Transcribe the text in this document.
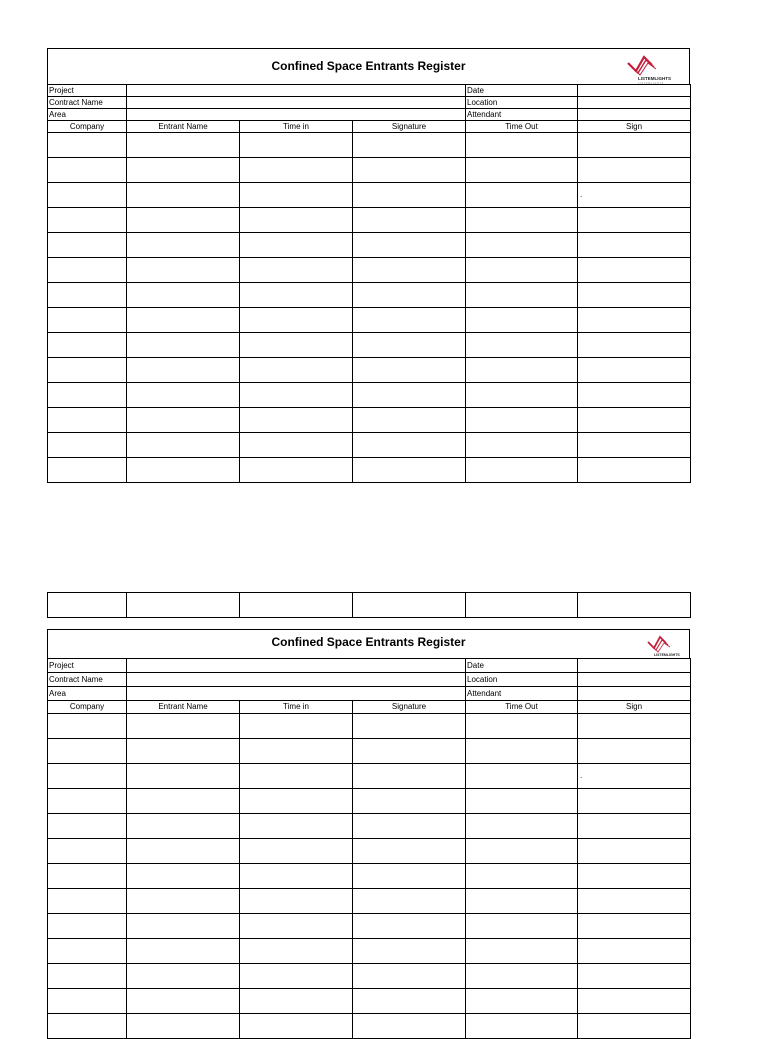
Confined Space Entrants Register
LISTEMLIGHTS
L I S T E M L I G H T S
Project				Date	
Contract Name				Location	
Area				Attendant	
Company	Entrant Name	Time in	Signature	Time Out	Sign

					.

Confined Space Entrants Register
LISTEMLIGHTS
Project				Date	
Contract Name				Location	
Area				Attendant	
Company	Entrant Name	Time in	Signature	Time Out	Sign

					.
